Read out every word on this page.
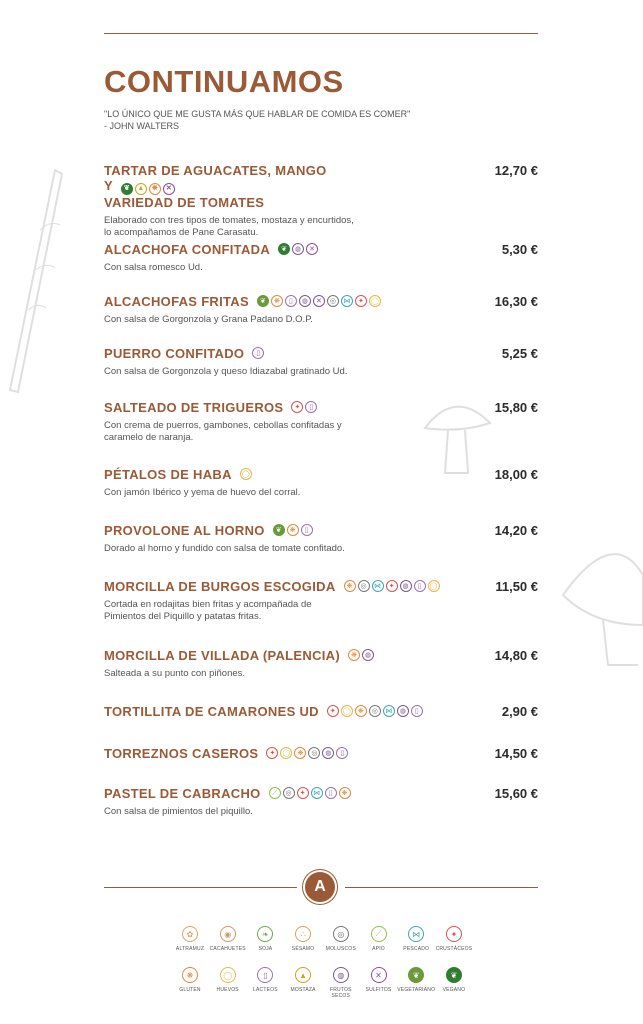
CONTINUAMOS
"LO ÚNICO QUE ME GUSTA MÁS QUE HABLAR DE COMIDA ES COMER"
- JOHN WALTERS
TARTAR DE AGUACATES, MANGO Y	❦	▲	❋	✕

VARIEDAD DE TOMATES
12,70 €
Elaborado con tres tipos de tomates, mostaza y encurtidos,
lo acompañamos de Pane Carasatu.
ALCACHOFA CONFITADA	❦	◍	✕	5,30 €
Con salsa romesco Ud.
ALCACHOFAS FRITAS	❦	❋	▯	◍	✕	◎	⋈	✦	◯	16,30 €
Con salsa de Gorgonzola y Grana Padano D.O.P.
PUERRO CONFITADO	▯	5,25 €
Con salsa de Gorgonzola y queso Idiazabal gratinado Ud.
SALTEADO DE TRIGUEROS	✦	▯	15,80 €
Con crema de puerros, gambones, cebollas confitadas y
caramelo de naranja.
PÉTALOS DE HABA ◯	18,00 €
Con jamón Ibérico y yema de huevo del corral.
PROVOLONE AL HORNO	❦	❋	▯	14,20 €
Dorado al horno y fundido con salsa de tomate confitado.
MORCILLA DE BURGOS ESCOGIDA	❋	◎	⋈	✦	◍	▯	◯	11,50 €
Cortada en rodajitas bien fritas y acompañada de
Pimientos del Piquillo y patatas fritas.
MORCILLA DE VILLADA (PALENCIA)	❋	◍	14,80 €
Salteada a su punto con piñones.
TORTILLITA DE CAMARONES UD	✦	◯	❋	◎	⋈	◍	▯	2,90 €
TORREZNOS CASEROS	✦	◯	❋	◎	◍	▯	14,50 €
PASTEL DE CABRACHO	⟋	◎	✦	⋈	▯	❋	15,60 €
Con salsa de pimientos del piquillo.
A
✿
ALTRAMUZ
◉
CACAHUETES
❧
SOJA
∴
SÉSAMO
◎
MOLUSCOS
⟋
APIO
⋈
PESCADO
✦
CRUSTÁCEOS
❋
GLUTEN
◯
HUEVOS
▯
LÁCTEOS
▲
MOSTAZA
◍
FRUTOS SECOS
✕
SULFITOS
❦
VEGETARIANO
❦
VEGANO
